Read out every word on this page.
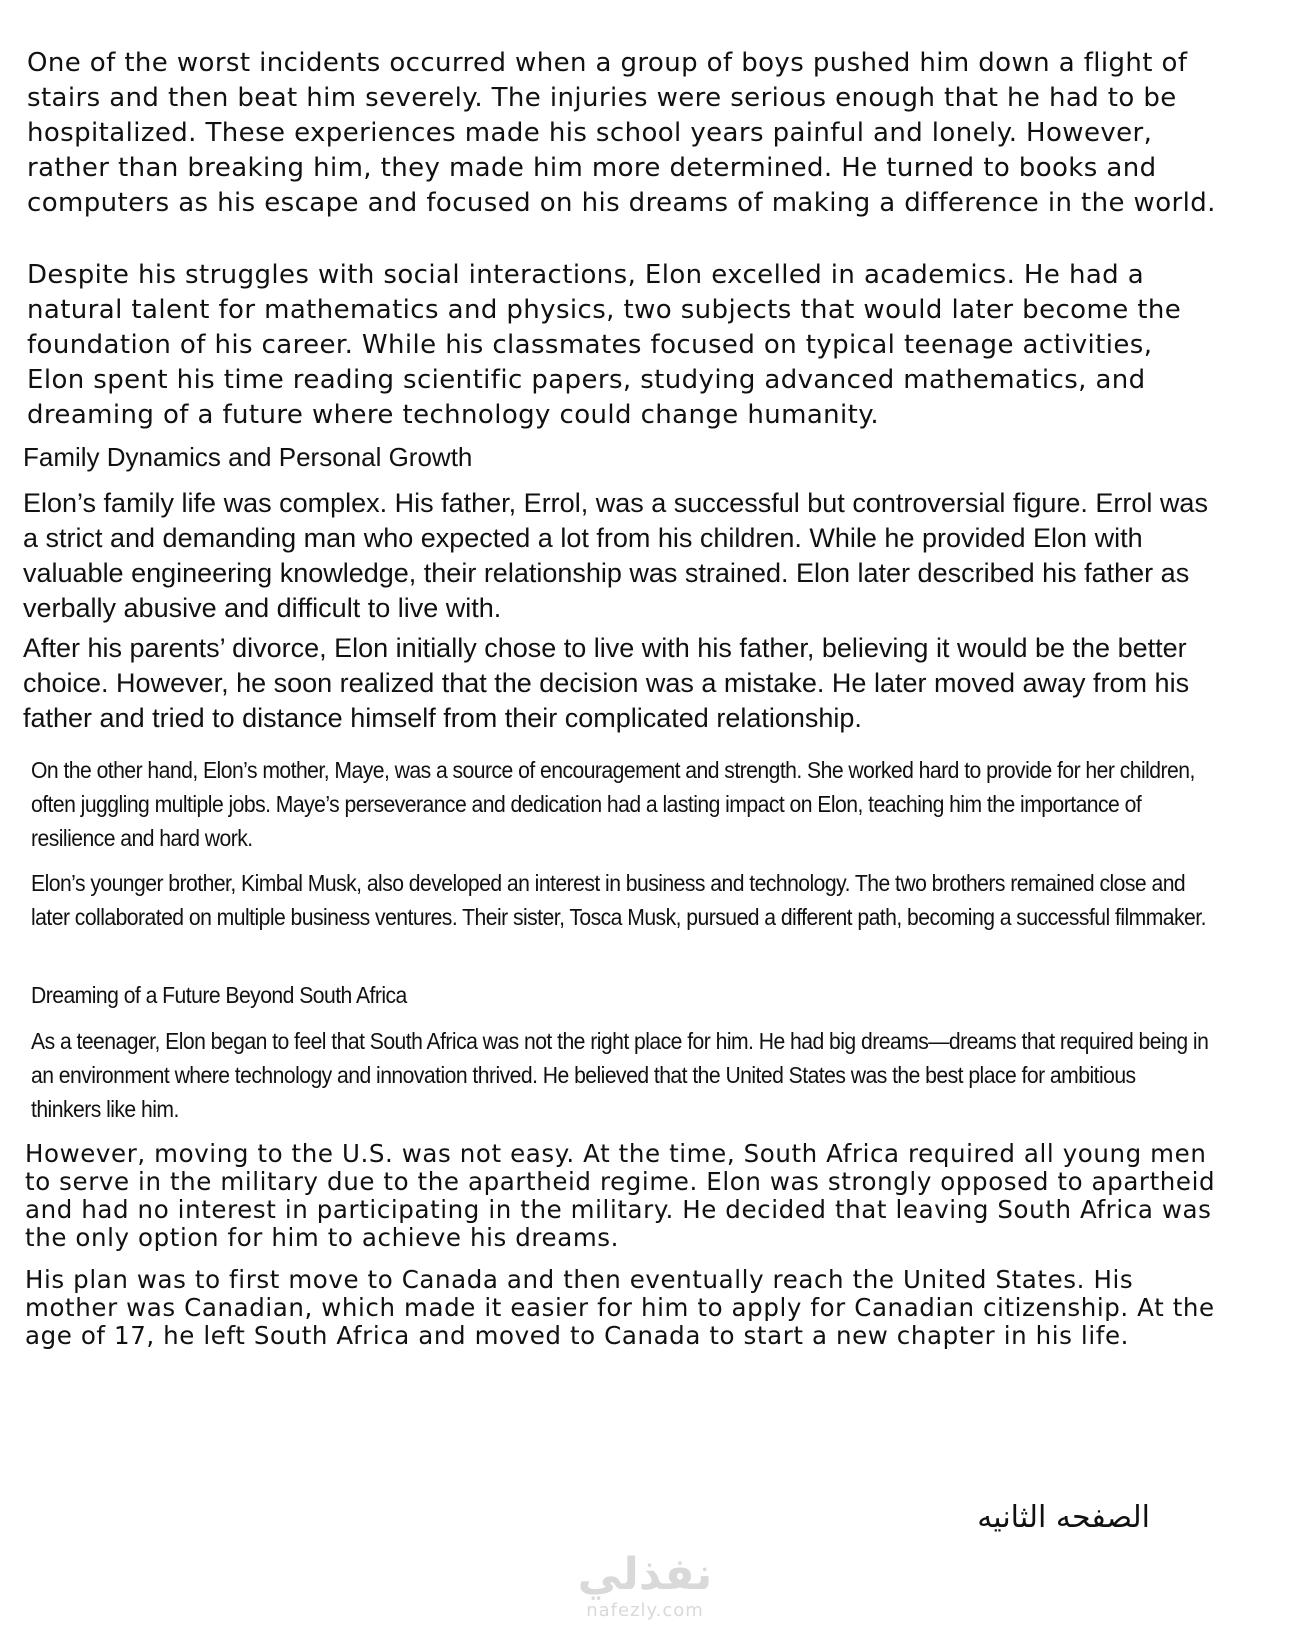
One of the worst incidents occurred when a group of boys pushed him down a flight of stairs and then beat him severely. The injuries were serious enough that he had to be hospitalized. These experiences made his school years painful and lonely. However, rather than breaking him, they made him more determined. He turned to books and computers as his escape and focused on his dreams of making a difference in the world.

Despite his struggles with social interactions, Elon excelled in academics. He had a natural talent for mathematics and physics, two subjects that would later become the foundation of his career. While his classmates focused on typical teenage activities, Elon spent his time reading scientific papers, studying advanced mathematics, and dreaming of a future where technology could change humanity.

Family Dynamics and Personal Growth

Elon’s family life was complex. His father, Errol, was a successful but controversial figure. Errol was a strict and demanding man who expected a lot from his children. While he provided Elon with valuable engineering knowledge, their relationship was strained. Elon later described his father as verbally abusive and difficult to live with.

After his parents’ divorce, Elon initially chose to live with his father, believing it would be the better choice. However, he soon realized that the decision was a mistake. He later moved away from his father and tried to distance himself from their complicated relationship.

On the other hand, Elon’s mother, Maye, was a source of encouragement and strength. She worked hard to provide for her children, often juggling multiple jobs. Maye’s perseverance and dedication had a lasting impact on Elon, teaching him the importance of resilience and hard work.

Elon’s younger brother, Kimbal Musk, also developed an interest in business and technology. The two brothers remained close and later collaborated on multiple business ventures. Their sister, Tosca Musk, pursued a different path, becoming a successful filmmaker.

Dreaming of a Future Beyond South Africa

As a teenager, Elon began to feel that South Africa was not the right place for him. He had big dreams—dreams that required being in an environment where technology and innovation thrived. He believed that the United States was the best place for ambitious thinkers like him.

However, moving to the U.S. was not easy. At the time, South Africa required all young men to serve in the military due to the apartheid regime. Elon was strongly opposed to apartheid and had no interest in participating in the military. He decided that leaving South Africa was the only option for him to achieve his dreams.

His plan was to first move to Canada and then eventually reach the United States. His mother was Canadian, which made it easier for him to apply for Canadian citizenship. At the age of 17, he left South Africa and moved to Canada to start a new chapter in his life.

الصفحه الثانيه
نفذلي
nafezly.com
